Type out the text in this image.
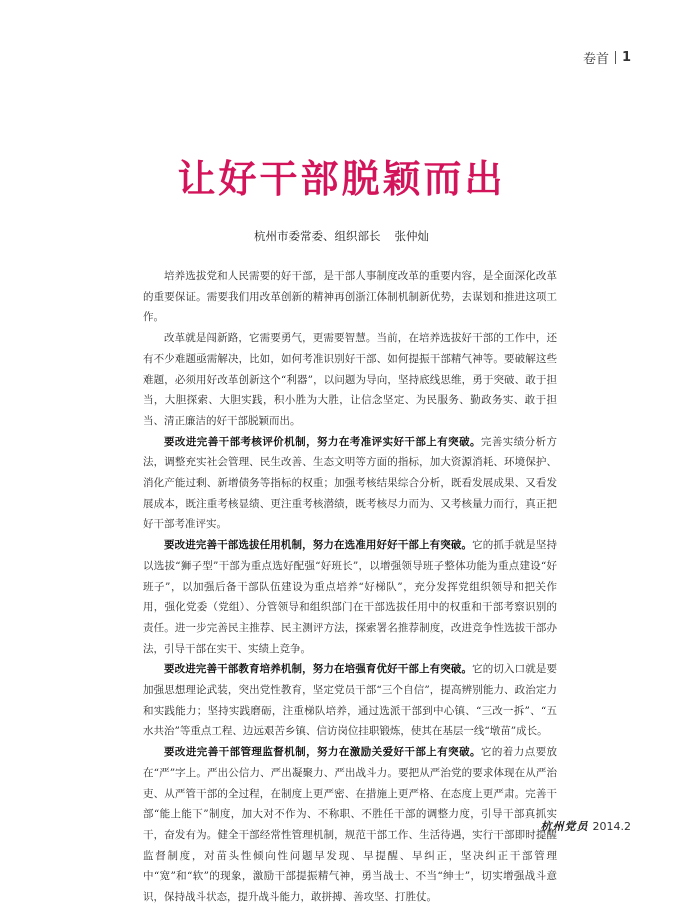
卷首 1
让好干部脱颖而出
杭州市委常委、组织部长 张仲灿

培养选拔党和人民需要的好干部，是干部人事制度改革的重要内容，是全面深化改革的重要保证。需要我们用改革创新的精神再创浙江体制机制新优势，去谋划和推进这项工作。

改革就是闯新路，它需要勇气，更需要智慧。当前，在培养选拔好干部的工作中，还有不少难题亟需解决，比如，如何考准识别好干部、如何提振干部精气神等。要破解这些难题，必须用好改革创新这个“利器”，以问题为导向，坚持底线思维，勇于突破、敢于担当，大胆探索、大胆实践，积小胜为大胜，让信念坚定、为民服务、勤政务实、敢于担当、清正廉洁的好干部脱颖而出。

要改进完善干部考核评价机制，努力在考准评实好干部上有突破。完善实绩分析方法，调整充实社会管理、民生改善、生态文明等方面的指标，加大资源消耗、环境保护、消化产能过剩、新增债务等指标的权重；加强考核结果综合分析，既看发展成果、又看发展成本，既注重考核显绩、更注重考核潜绩，既考核尽力而为、又考核量力而行，真正把好干部考准评实。

要改进完善干部选拔任用机制，努力在选准用好好干部上有突破。它的抓手就是坚持以选拔“狮子型”干部为重点选好配强“好班长”，以增强领导班子整体功能为重点建设“好班子”，以加强后备干部队伍建设为重点培养“好梯队”，充分发挥党组织领导和把关作用，强化党委（党组）、分管领导和组织部门在干部选拔任用中的权重和干部考察识别的责任。进一步完善民主推荐、民主测评方法，探索署名推荐制度，改进竞争性选拔干部办法，引导干部在实干、实绩上竞争。

要改进完善干部教育培养机制，努力在培强育优好干部上有突破。它的切入口就是要加强思想理论武装，突出党性教育，坚定党员干部“三个自信”，提高辨别能力、政治定力和实践能力；坚持实践磨砺，注重梯队培养，通过选派干部到中心镇、“三改一拆”、“五水共治”等重点工程、边远艰苦乡镇、信访岗位挂职锻炼，使其在基层一线“墩苗”成长。

要改进完善干部管理监督机制，努力在激励关爱好干部上有突破。它的着力点要放在“严”字上。严出公信力、严出凝聚力、严出战斗力。要把从严治党的要求体现在从严治吏、从严管干部的全过程，在制度上更严密、在措施上更严格、在态度上更严肃。完善干部“能上能下”制度，加大对不作为、不称职、不胜任干部的调整力度，引导干部真抓实干，奋发有为。健全干部经常性管理机制，规范干部工作、生活待遇，实行干部即时提醒监督制度，对苗头性倾向性问题早发现、早提醒、早纠正，坚决纠正干部管理中“宽”和“软”的现象，激励干部提振精气神，勇当战士、不当“绅士”，切实增强战斗意识，保持战斗状态，提升战斗能力，敢拼搏、善攻坚、打胜仗。

杭州党员 2014.2
